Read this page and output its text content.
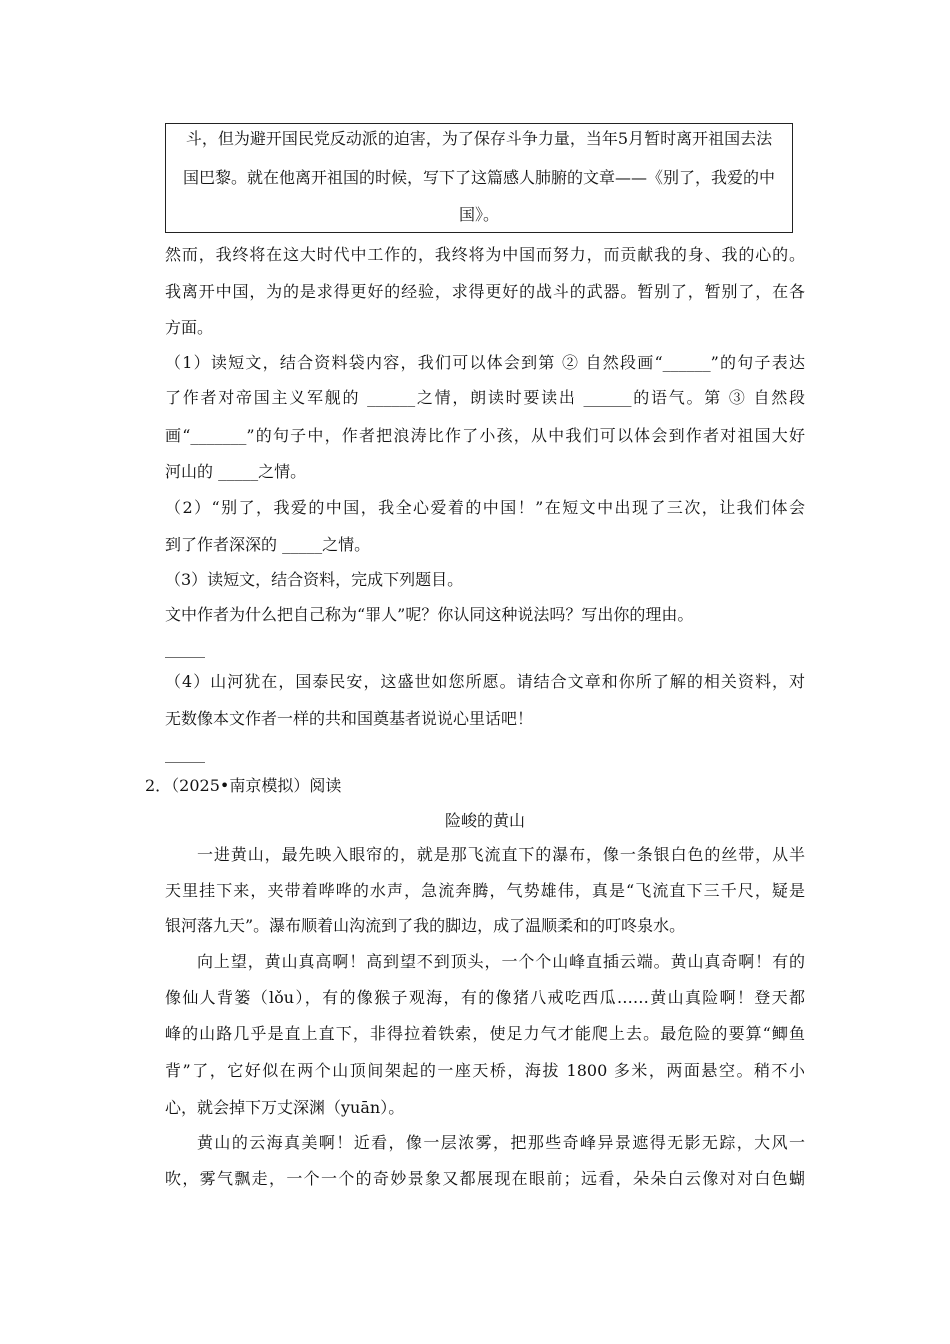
斗，但为避开国民党反动派的迫害，为了保存斗争力量，当年5月暂时离开祖国去法
国巴黎。就在他离开祖国的时候，写下了这篇感人肺腑的文章——《别了，我爱的中
国》。
然而，我终将在这大时代中工作的，我终将为中国而努力，而贡献我的身、我的心的。
我离开中国，为的是求得更好的经验，求得更好的战斗的武器。暂别了，暂别了，在各
方面。
（1）读短文，结合资料袋内容，我们可以体会到第 ② 自然段画“______”的句子表达
了作者对帝国主义军舰的 ______之情，朗读时要读出 ______的语气。第 ③ 自然段
画“_______”的句子中，作者把浪涛比作了小孩，从中我们可以体会到作者对祖国大好
河山的 _____之情。
（2）“别了，我爱的中国，我全心爱着的中国！”在短文中出现了三次，让我们体会
到了作者深深的 _____之情。
（3）读短文，结合资料，完成下列题目。
文中作者为什么把自己称为“罪人”呢？你认同这种说法吗？写出你的理由。
_____
（4）山河犹在，国泰民安，这盛世如您所愿。请结合文章和你所了解的相关资料，对
无数像本文作者一样的共和国奠基者说说心里话吧！
_____
2．（2025•南京模拟）阅读
险峻的黄山
一进黄山，最先映入眼帘的，就是那飞流直下的瀑布，像一条银白色的丝带，从半
天里挂下来，夹带着哗哗的水声，急流奔腾，气势雄伟，真是“飞流直下三千尺，疑是
银河落九天”。瀑布顺着山沟流到了我的脚边，成了温顺柔和的叮咚泉水。
向上望，黄山真高啊！高到望不到顶头，一个个山峰直插云端。黄山真奇啊！有的
像仙人背篓（lǒu），有的像猴子观海，有的像猪八戒吃西瓜……黄山真险啊！登天都
峰的山路几乎是直上直下，非得拉着铁索，使足力气才能爬上去。最危险的要算“鲫鱼
背”了，它好似在两个山顶间架起的一座天桥，海拔 1800 多米，两面悬空。稍不小
心，就会掉下万丈深渊（yuān）。
黄山的云海真美啊！近看，像一层浓雾，把那些奇峰异景遮得无影无踪，大风一
吹，雾气飘走，一个一个的奇妙景象又都展现在眼前；远看，朵朵白云像对对白色蝴
